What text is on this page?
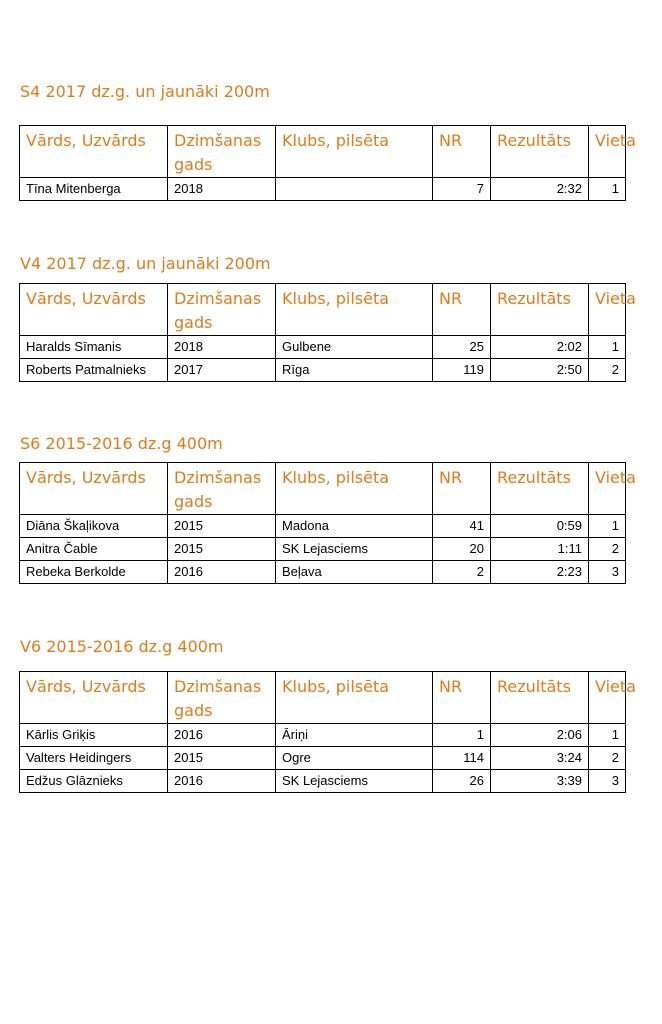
S4 2017 dz.g. un jaunāki 200m
Vārds, Uzvārds	Dzimšanas gads	Klubs, pilsēta	NR	Rezultāts	Vieta
Tīna Mitenberga	2018		7	2:32	1
V4 2017 dz.g. un jaunāki 200m
Vārds, Uzvārds	Dzimšanas gads	Klubs, pilsēta	NR	Rezultāts	Vieta
Haralds Sīmanis	2018	Gulbene	25	2:02	1
Roberts Patmalnieks	2017	Rīga	119	2:50	2
S6 2015-2016 dz.g 400m
Vārds, Uzvārds	Dzimšanas gads	Klubs, pilsēta	NR	Rezultāts	Vieta
Diāna Škaļikova	2015	Madona	41	0:59	1
Anitra Čable	2015	SK Lejasciems	20	1:11	2
Rebeka Berkolde	2016	Beļava	2	2:23	3
V6 2015-2016 dz.g 400m
Vārds, Uzvārds	Dzimšanas gads	Klubs, pilsēta	NR	Rezultāts	Vieta
Kārlis Griķis	2016	Āriņi	1	2:06	1
Valters Heidingers	2015	Ogre	114	3:24	2
Edžus Glāznieks	2016	SK Lejasciems	26	3:39	3
